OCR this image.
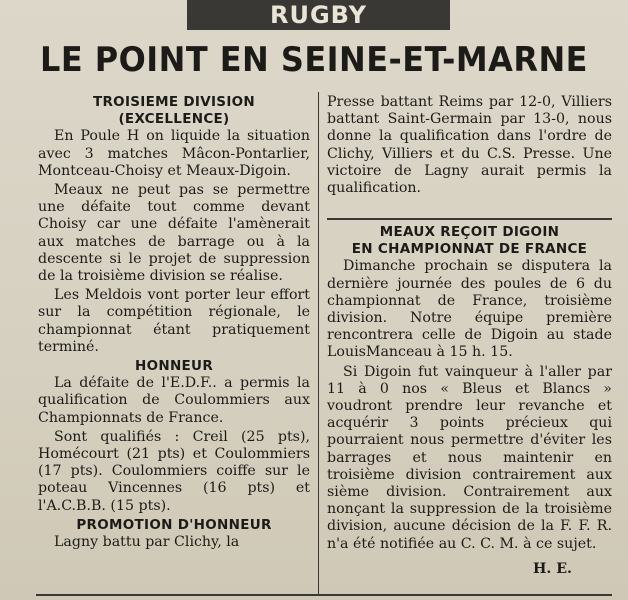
RUGBY
LE POINT EN SEINE-ET-MARNE
TROISIEME DIVISION
(EXCELLENCE)

En Poule H on liquide la situation avec 3 matches Mâcon-Pontarlier, Montceau-Choisy et Meaux-Digoin.

Meaux ne peut pas se permettre une défaite tout comme devant Choisy car une défaite l'amènerait aux matches de barrage ou à la descente si le projet de suppression de la troisième division se réalise.

Les Meldois vont porter leur effort sur la compétition régionale, le championnat étant pratiquement terminé.

HONNEUR

La défaite de l'E.D.F.. a permis la qualification de Coulommiers aux Championnats de France.

Sont qualifiés : Creil (25 pts), Homécourt (21 pts) et Coulommiers (17 pts). Coulommiers coiffe sur le poteau Vincennes (16 pts) et l'A.C.B.B. (15 pts).

PROMOTION D'HONNEUR

Lagny battu par Clichy, la

Presse battant Reims par 12-0, Villiers battant Saint-Germain par 13-0, nous donne la qualification dans l'ordre de Clichy, Villiers et du C.S. Presse. Une victoire de Lagny aurait permis la qualification.

MEAUX REÇOIT DIGOIN
EN CHAMPIONNAT DE FRANCE

Dimanche prochain se disputera la dernière journée des poules de 6 du championnat de France, troisième division. Notre équipe première rencontrera celle de Digoin au stade LouisManceau à 15 h. 15.

Si Digoin fut vainqueur à l'aller par 11 à 0 nos « Bleus et Blancs » voudront prendre leur revanche et acquérir 3 points précieux qui pourraient nous permettre d'éviter les barrages et nous maintenir en troisième division contrairement aux sième division. Contrairement aux nonçant la suppression de la troisième division, aucune décision de la F. F. R. n'a été notifiée au C. C. M. à ce sujet.

H. E.
